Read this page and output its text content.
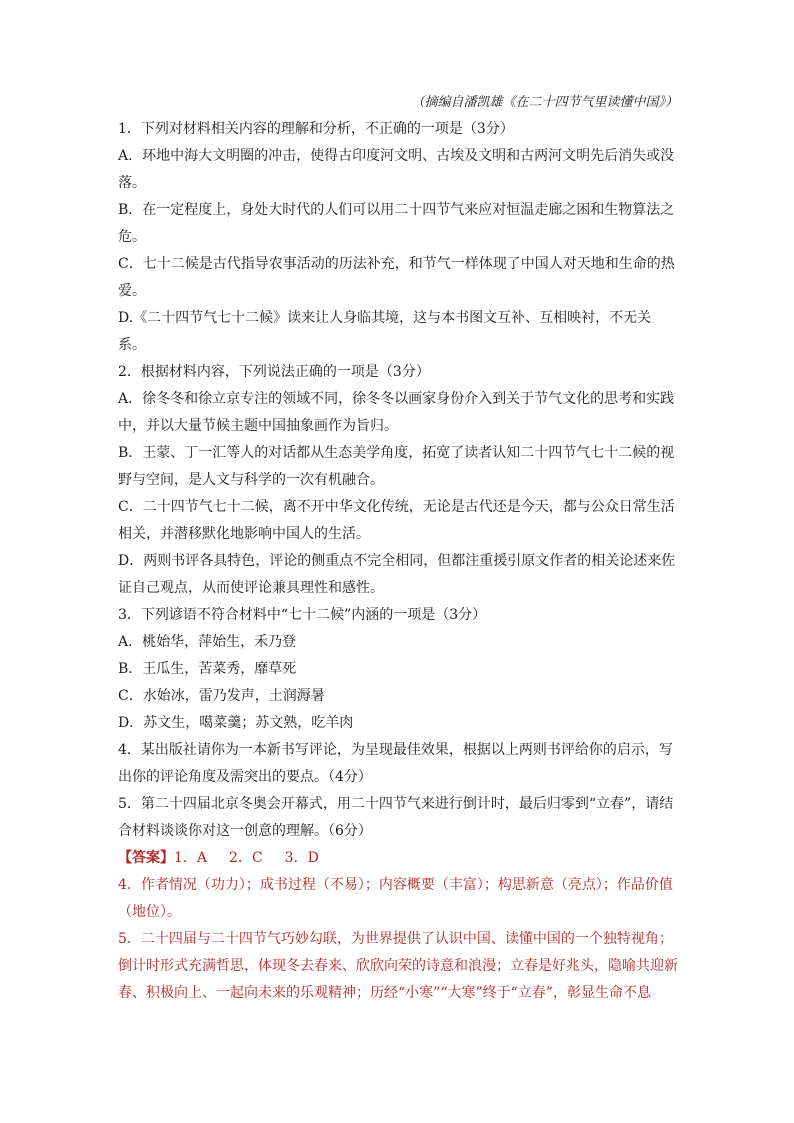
（摘编自潘凯雄《在二十四节气里读懂中国》）
1．下列对材料相关内容的理解和分析，不正确的一项是（3分）
A．环地中海大文明圈的冲击，使得古印度河文明、古埃及文明和古两河文明先后消失或没落。
B．在一定程度上，身处大时代的人们可以用二十四节气来应对恒温走廊之困和生物算法之危。
C．七十二候是古代指导农事活动的历法补充，和节气一样体现了中国人对天地和生命的热爱。
D.《二十四节气七十二候》读来让人身临其境，这与本书图文互补、互相映衬，不无关系。
2．根据材料内容，下列说法正确的一项是（3分）
A．徐冬冬和徐立京专注的领域不同，徐冬冬以画家身份介入到关于节气文化的思考和实践中，并以大量节候主题中国抽象画作为旨归。
B．王蒙、丁一汇等人的对话都从生态美学角度，拓宽了读者认知二十四节气七十二候的视野与空间，是人文与科学的一次有机融合。
C．二十四节气七十二候，离不开中华文化传统，无论是古代还是今天，都与公众日常生活相关，并潜移默化地影响中国人的生活。
D．两则书评各具特色，评论的侧重点不完全相同，但都注重援引原文作者的相关论述来佐证自己观点，从而使评论兼具理性和感性。
3．下列谚语不符合材料中“七十二候”内涵的一项是（3分）
A．桃始华，萍始生，禾乃登
B．王瓜生，苦菜秀，靡草死
C．水始冰，雷乃发声，土润溽暑
D．苏文生，噶菜羹；苏文熟，吃羊肉
4．某出版社请你为一本新书写评论，为呈现最佳效果，根据以上两则书评给你的启示，写出你的评论角度及需突出的要点。（4分）
5．第二十四届北京冬奥会开幕式，用二十四节气来进行倒计时，最后归零到“立春”，请结合材料谈谈你对这一创意的理解。（6分）
【答案】1．A 2．C 3．D
4．作者情况（功力）；成书过程（不易）；内容概要（丰富）；构思新意（亮点）；作品价值（地位）。
5．二十四届与二十四节气巧妙勾联，为世界提供了认识中国、读懂中国的一个独特视角；倒计时形式充满哲思，体现冬去春来、欣欣向荣的诗意和浪漫；立春是好兆头，隐喻共迎新春、积极向上、一起向未来的乐观精神；历经“小寒”“大寒”终于“立春”，彰显生命不息
